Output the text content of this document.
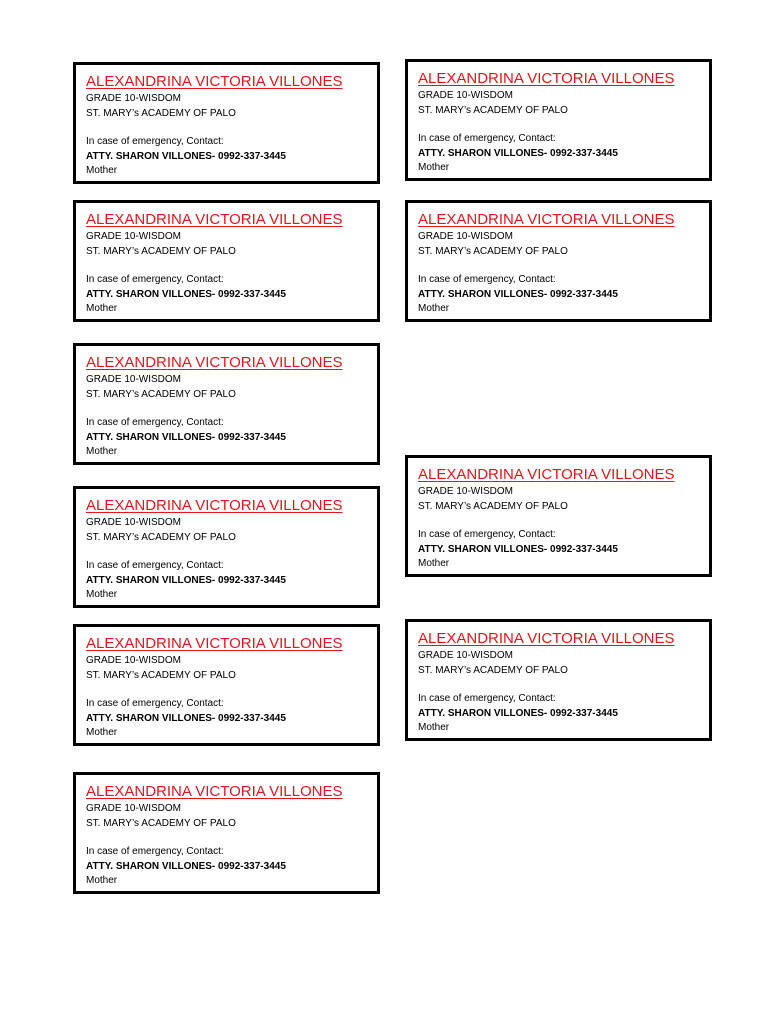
ALEXANDRINA VICTORIA VILLONES
GRADE 10-WISDOM
ST. MARY’s ACADEMY OF PALO
In case of emergency, Contact:
ATTY. SHARON VILLONES- 0992-337-3445
Mother
ALEXANDRINA VICTORIA VILLONES
GRADE 10-WISDOM
ST. MARY’s ACADEMY OF PALO
In case of emergency, Contact:
ATTY. SHARON VILLONES- 0992-337-3445
Mother
ALEXANDRINA VICTORIA VILLONES
GRADE 10-WISDOM
ST. MARY’s ACADEMY OF PALO
In case of emergency, Contact:
ATTY. SHARON VILLONES- 0992-337-3445
Mother
ALEXANDRINA VICTORIA VILLONES
GRADE 10-WISDOM
ST. MARY’s ACADEMY OF PALO
In case of emergency, Contact:
ATTY. SHARON VILLONES- 0992-337-3445
Mother
ALEXANDRINA VICTORIA VILLONES
GRADE 10-WISDOM
ST. MARY’s ACADEMY OF PALO
In case of emergency, Contact:
ATTY. SHARON VILLONES- 0992-337-3445
Mother
ALEXANDRINA VICTORIA VILLONES
GRADE 10-WISDOM
ST. MARY’s ACADEMY OF PALO
In case of emergency, Contact:
ATTY. SHARON VILLONES- 0992-337-3445
Mother
ALEXANDRINA VICTORIA VILLONES
GRADE 10-WISDOM
ST. MARY’s ACADEMY OF PALO
In case of emergency, Contact:
ATTY. SHARON VILLONES- 0992-337-3445
Mother
ALEXANDRINA VICTORIA VILLONES
GRADE 10-WISDOM
ST. MARY’s ACADEMY OF PALO
In case of emergency, Contact:
ATTY. SHARON VILLONES- 0992-337-3445
Mother
ALEXANDRINA VICTORIA VILLONES
GRADE 10-WISDOM
ST. MARY’s ACADEMY OF PALO
In case of emergency, Contact:
ATTY. SHARON VILLONES- 0992-337-3445
Mother
ALEXANDRINA VICTORIA VILLONES
GRADE 10-WISDOM
ST. MARY’s ACADEMY OF PALO
In case of emergency, Contact:
ATTY. SHARON VILLONES- 0992-337-3445
Mother
